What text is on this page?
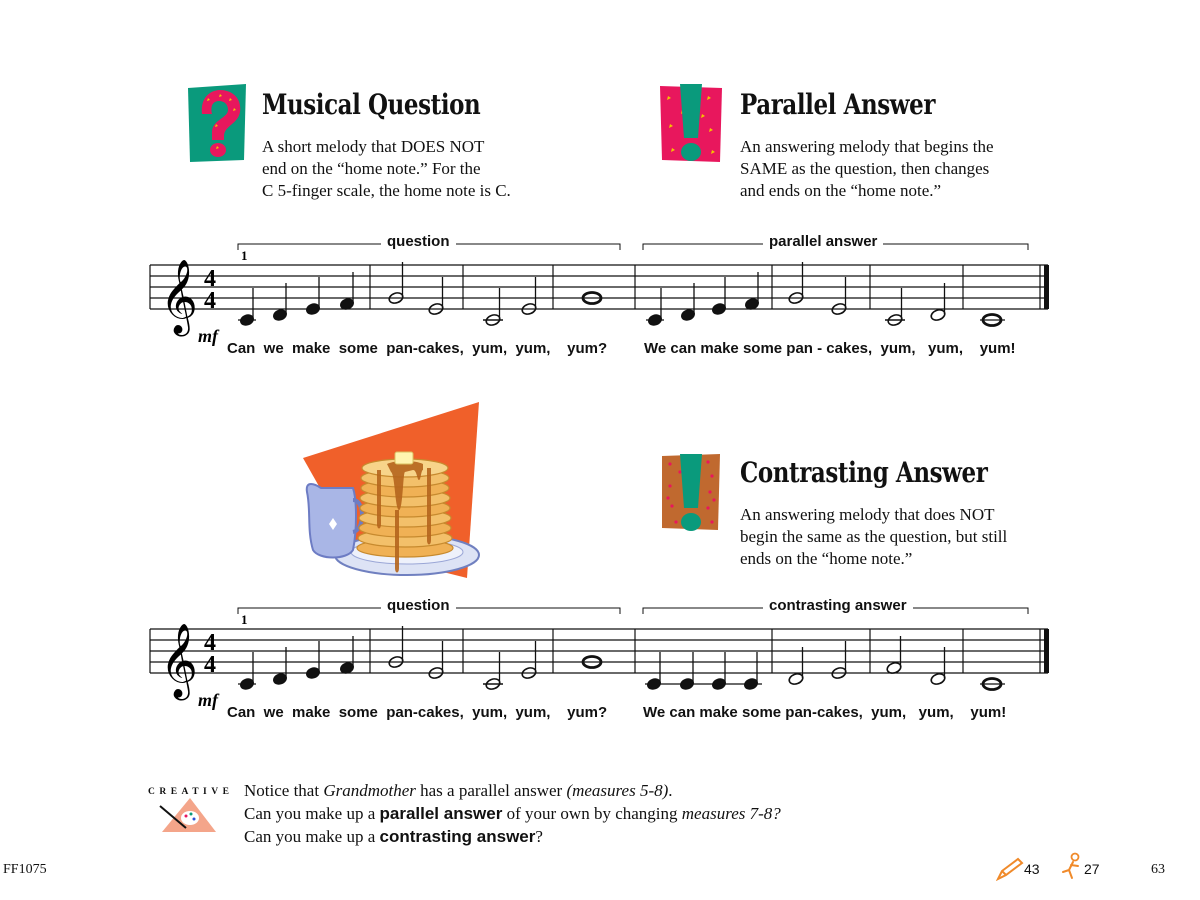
Musical Question
A short melody that DOES NOT
end on the “home note.” For the
C 5-finger scale, the home note is C.
Parallel Answer
An answering melody that begins the
SAME as the question, then changes
and ends on the “home note.”
1
𝄞 4
4
mf
question	parallel answer
Can  we  make  some  pan-cakes,  yum,  yum,    yum? We can make some pan - cakes,  yum,   yum,    yum!
Contrasting Answer
An answering melody that does NOT
begin the same as the question, but still
ends on the “home note.”
1
𝄞 4
4
mf
question	contrasting answer
Can  we  make  some  pan-cakes,  yum,  yum,    yum? We can make some pan-cakes,  yum,   yum,    yum!
CREATIVE Notice that Grandmother has a parallel answer (measures 5-8).
Can you make up a parallel answer of your own by changing measures 7-8?
Can you make up a contrasting answer?
FF1075	43	27	63
